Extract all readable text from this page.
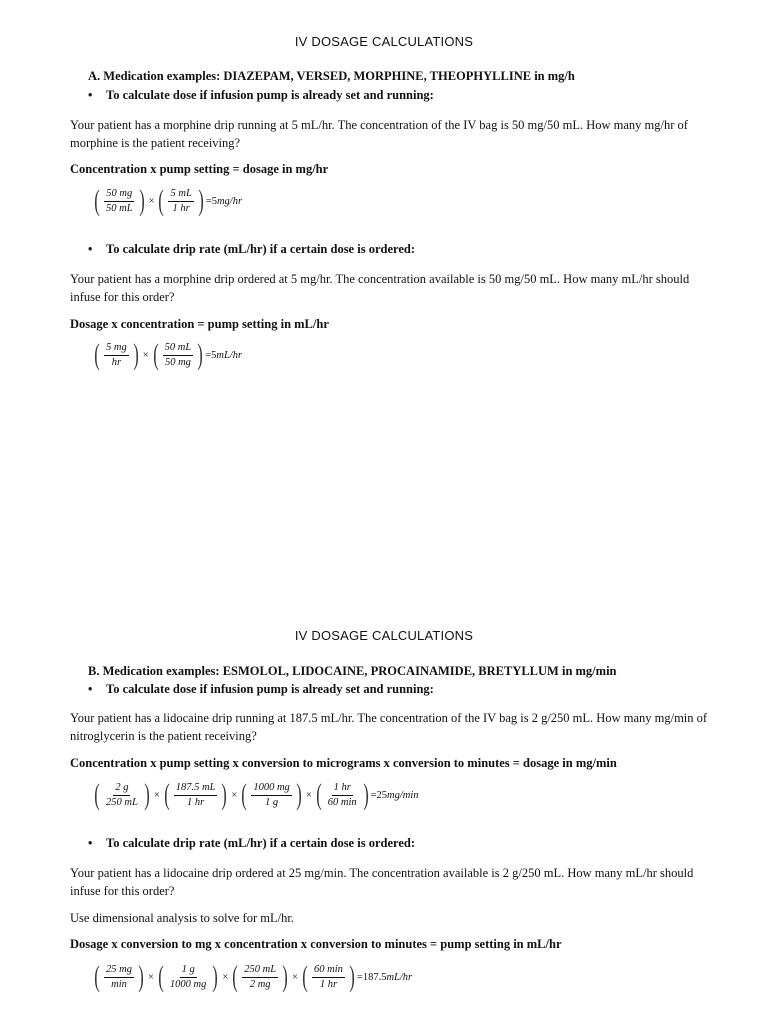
IV DOSAGE CALCULATIONS
A. Medication examples: DIAZEPAM, VERSED, MORPHINE, THEOPHYLLINE in mg/h
• To calculate dose if infusion pump is already set and running:
Your patient has a morphine drip running at 5 mL/hr. The concentration of the IV bag is 50 mg/50 mL. How many mg/hr of morphine is the patient receiving?
Concentration x pump setting = dosage in mg/hr
( $\frac{50 mg}{50 mL}$ ) × ( $\frac{5 mL}{1 hr}$ ) = 5 mg/hr
• To calculate drip rate (mL/hr) if a certain dose is ordered:
Your patient has a morphine drip ordered at 5 mg/hr. The concentration available is 50 mg/50 mL. How many mL/hr should infuse for this order?
Dosage x concentration = pump setting in mL/hr
( $\frac{5 mg}{hr}$ ) × ( $\frac{50 mL}{50 mg}$ ) = 5 mL/hr
IV DOSAGE CALCULATIONS
B. Medication examples: ESMOLOL, LIDOCAINE, PROCAINAMIDE, BRETYLLUM in mg/min
• To calculate dose if infusion pump is already set and running:
Your patient has a lidocaine drip running at 187.5 mL/hr. The concentration of the IV bag is 2 g/250 mL. How many mg/min of nitroglycerin is the patient receiving?
Concentration x pump setting x conversion to micrograms x conversion to minutes = dosage in mg/min
( $\frac{2 g}{250 mL}$ ) × ( $\frac{187.5 mL}{1 hr}$ ) × ( $\frac{1000 mg}{1 g}$ ) × ( $\frac{1 hr}{60 \min}$ ) = 25 mg/min
• To calculate drip rate (mL/hr) if a certain dose is ordered:
Your patient has a lidocaine drip ordered at 25 mg/min. The concentration available is 2 g/250 mL. How many mL/hr should infuse for this order?
Use dimensional analysis to solve for mL/hr.
Dosage x conversion to mg x concentration x conversion to minutes = pump setting in mL/hr
( $\frac{25 mg}{\min}$ ) × ( $\frac{1 g}{1000 mg}$ ) × ( $\frac{250 mL}{2 mg}$ ) × ( $\frac{60 \min}{1 hr}$ ) = 187.5 mL/hr
